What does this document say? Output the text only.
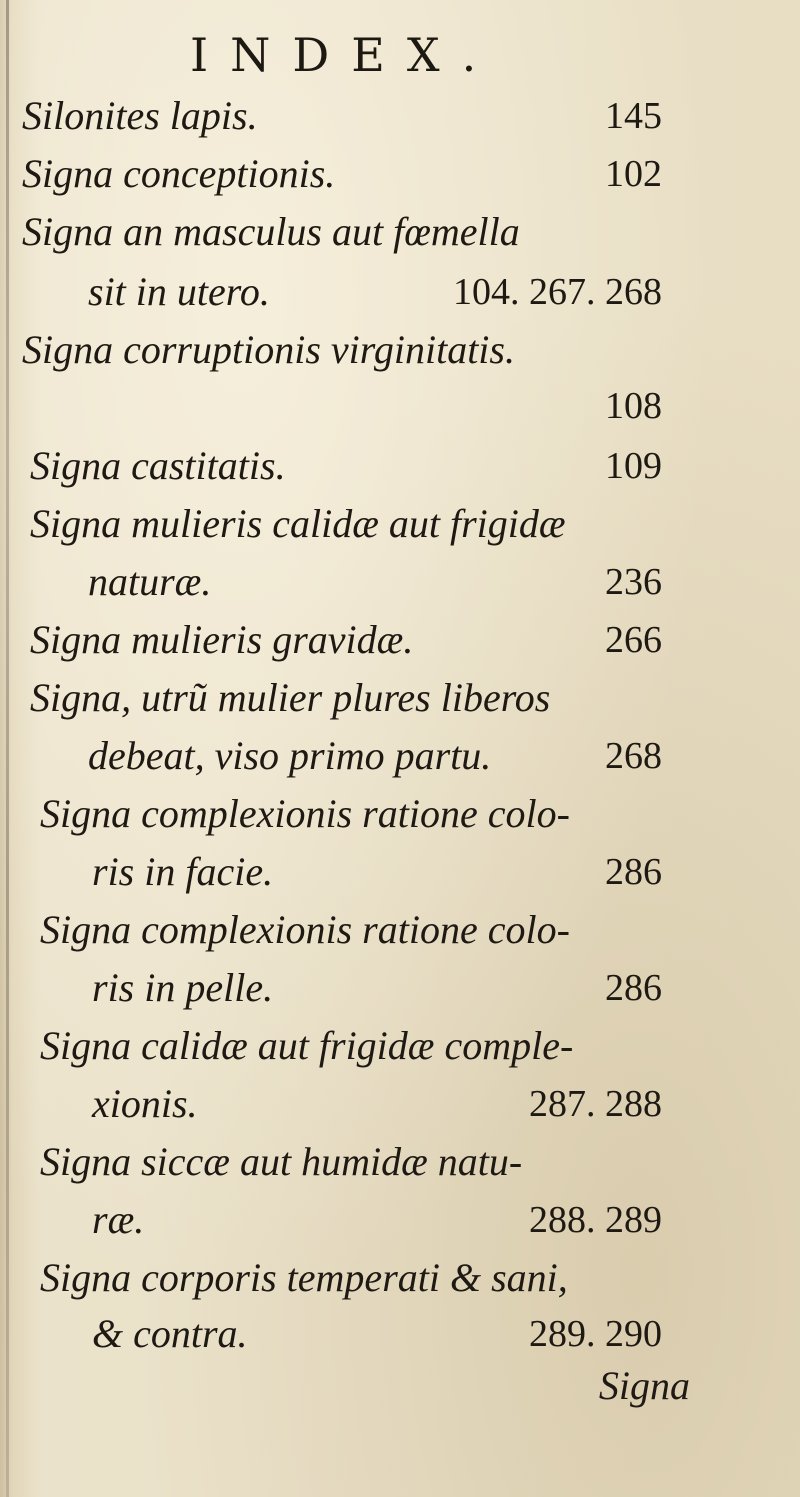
INDEX.
Silonites lapis.	145
Signa conceptionis.	102
Signa an masculus aut fœmella
sit in utero.	104. 267. 268
Signa corruptionis virginitatis.
108
Signa castitatis.	109
Signa mulieris calidæ aut frigidæ
naturæ.	236
Signa mulieris gravidæ.	266
Signa, utrũ mulier plures liberos
debeat, viso primo partu.	268
Signa complexionis ratione colo-
ris in facie.	286
Signa complexionis ratione colo-
ris in pelle.	286
Signa calidæ aut frigidæ comple-
xionis.	287. 288
Signa siccæ aut humidæ natu-
ræ.	288. 289
Signa corporis temperati & sani,
& contra.	289. 290
Signa
